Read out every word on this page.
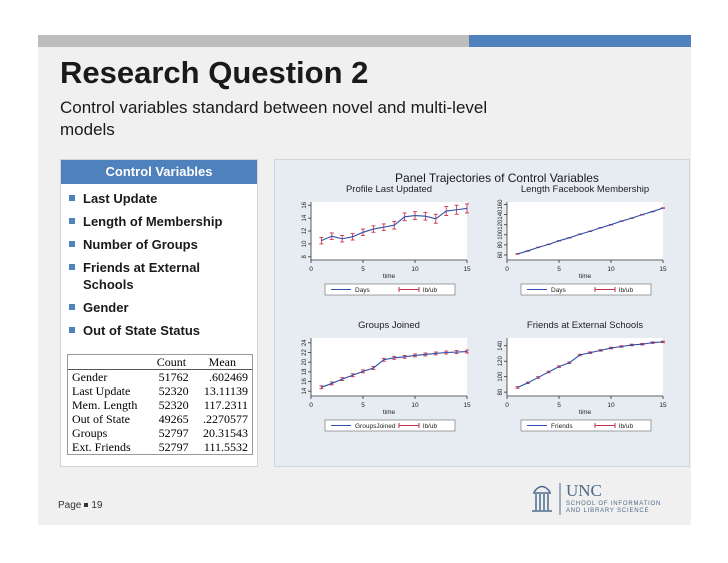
Research Question 2
Control variables standard between novel and multi-level models
Control Variables
Last Update
Length of Membership
Number of Groups
Friends at External Schools
Gender
Out of State Status
	Count	Mean
Gender	51762	.602469
Last Update	52320	13.11139
Mem. Length	52320	117.2311
Out of State	49265	.2270577
Groups	52797	20.31543
Ext. Friends	52797	111.5532
Panel Trajectories of Control Variables
Profile Last Updated
0	5	10	15
time
8
10
12
14
16
Days	lb/ub
Length Facebook Membership
0	5	10	15
time
60
80
100
120
140
160
Days	lb/ub
Groups Joined
0	5	10	15
time
14
16
18
20
22
24
GroupsJoined	lb/ub
Friends at External Schools
0	5	10	15
time
80
100
120
140
Friends	lb/ub
Page 19
UNC
SCHOOL OF INFORMATION
AND LIBRARY SCIENCE
